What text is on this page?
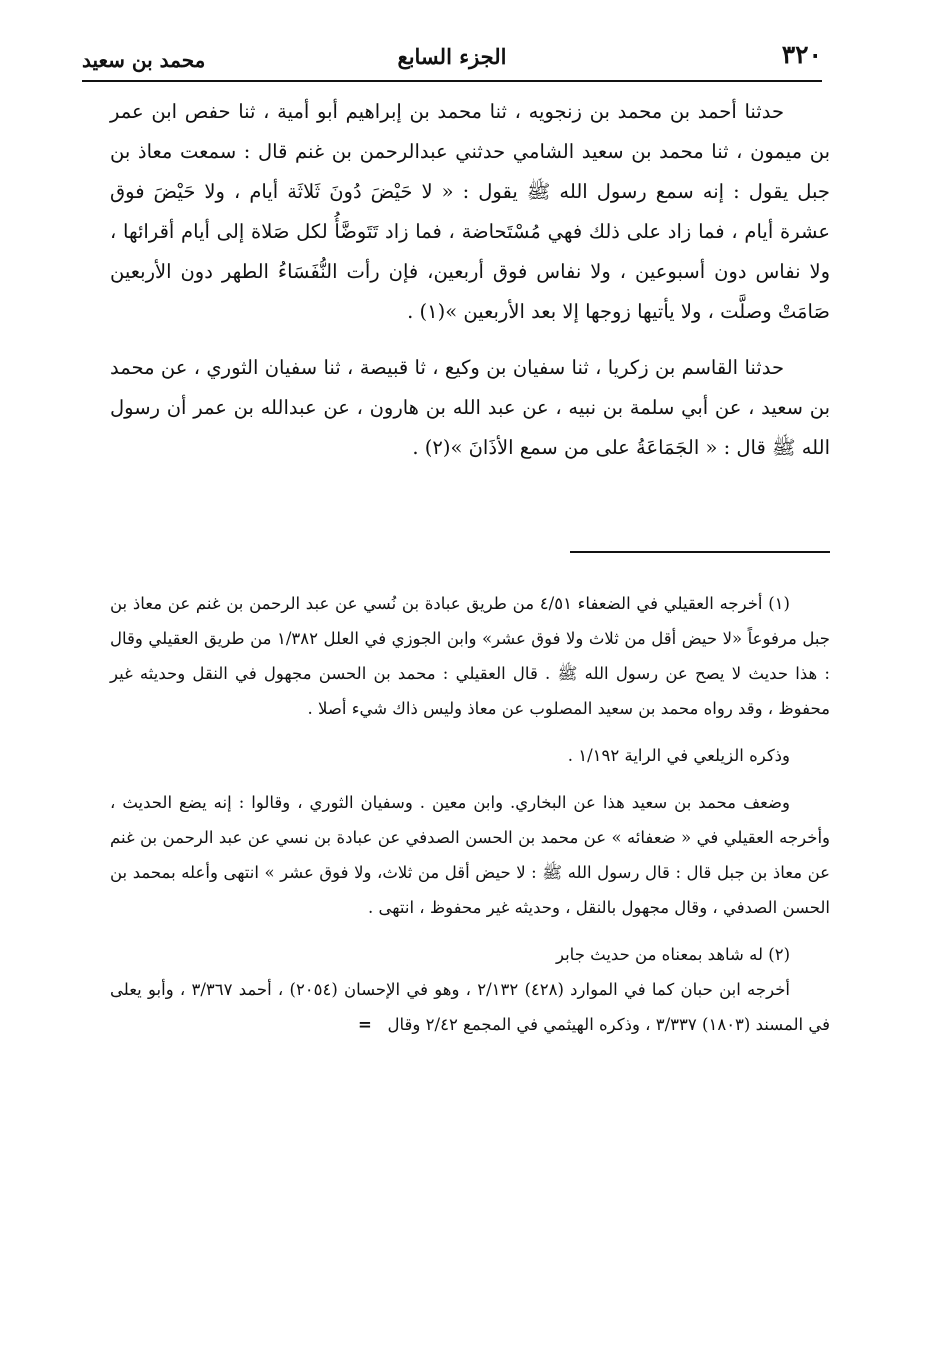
محمد بن سعيد	الجزء السابع	٣٢٠

حدثنا أحمد بن محمد بن زنجويه ، ثنا محمد بن إبراهيم أبو أمية ، ثنا حفص ابن عمر بن ميمون ، ثنا محمد بن سعيد الشامي حدثني عبدالرحمن بن غنم قال : سمعت معاذ بن جبل يقول : إنه سمع رسول الله ﷺ يقول : « لا حَيْضَ دُونَ ثَلاثَة أيام ، ولا حَيْضَ فوق عشرة أيام ، فما زاد على ذلك فهي مُسْتَحاضة ، فما زاد تَتَوضَّأُ لكل صَلاة إلى أيام أقرائها ، ولا نفاس دون أسبوعين ، ولا نفاس فوق أربعين، فإن رأت النُّفَسَاءُ الطهر دون الأربعين صَامَتْ وصلَّت ، ولا يأتيها زوجها إلا بعد الأربعين »(١) .

حدثنا القاسم بن زكريا ، ثنا سفيان بن وكيع ، ثا قبيصة ، ثنا سفيان الثوري ، عن محمد بن سعيد ، عن أبي سلمة بن نبيه ، عن عبد الله بن هارون ، عن عبدالله بن عمر أن رسول الله ﷺ قال : « الجَمَاعَةُ على من سمع الأذَانَ »(٢) .

(١) أخرجه العقيلي في الضعفاء ٤/٥١ من طريق عبادة بن نُسي عن عبد الرحمن بن غنم عن معاذ بن جبل مرفوعاً «لا حيض أقل من ثلاث ولا فوق عشر» وابن الجوزي في العلل ١/٣٨٢ من طريق العقيلي وقال : هذا حديث لا يصح عن رسول الله ﷺ . قال العقيلي : محمد بن الحسن مجهول في النقل وحديثه غير محفوظ ، وقد رواه محمد بن سعيد المصلوب عن معاذ وليس ذاك شيء أصلا .

وذكره الزيلعي في الراية ١/١٩٢ .

وضعف محمد بن سعيد هذا عن البخاري. وابن معين . وسفيان الثوري ، وقالوا : إنه يضع الحديث ، وأخرجه العقيلي في « ضعفائه » عن محمد بن الحسن الصدفي عن عبادة بن نسي عن عبد الرحمن بن غنم عن معاذ بن جبل قال : قال رسول الله ﷺ : لا حيض أقل من ثلاث، ولا فوق عشر » انتهى وأعله بمحمد بن الحسن الصدفي ، وقال مجهول بالنقل ، وحديثه غير محفوظ ، انتهى .

(٢) له شاهد بمعناه من حديث جابر

أخرجه ابن حبان كما في الموارد (٤٢٨) ٢/١٣٢ ، وهو في الإحسان (٢٠٥٤) ، أحمد ٣/٣٦٧ ، وأبو يعلى في المسند (١٨٠٣) ٣/٣٣٧ ، وذكره الهيثمي في المجمع ٢/٤٢ وقال   =
